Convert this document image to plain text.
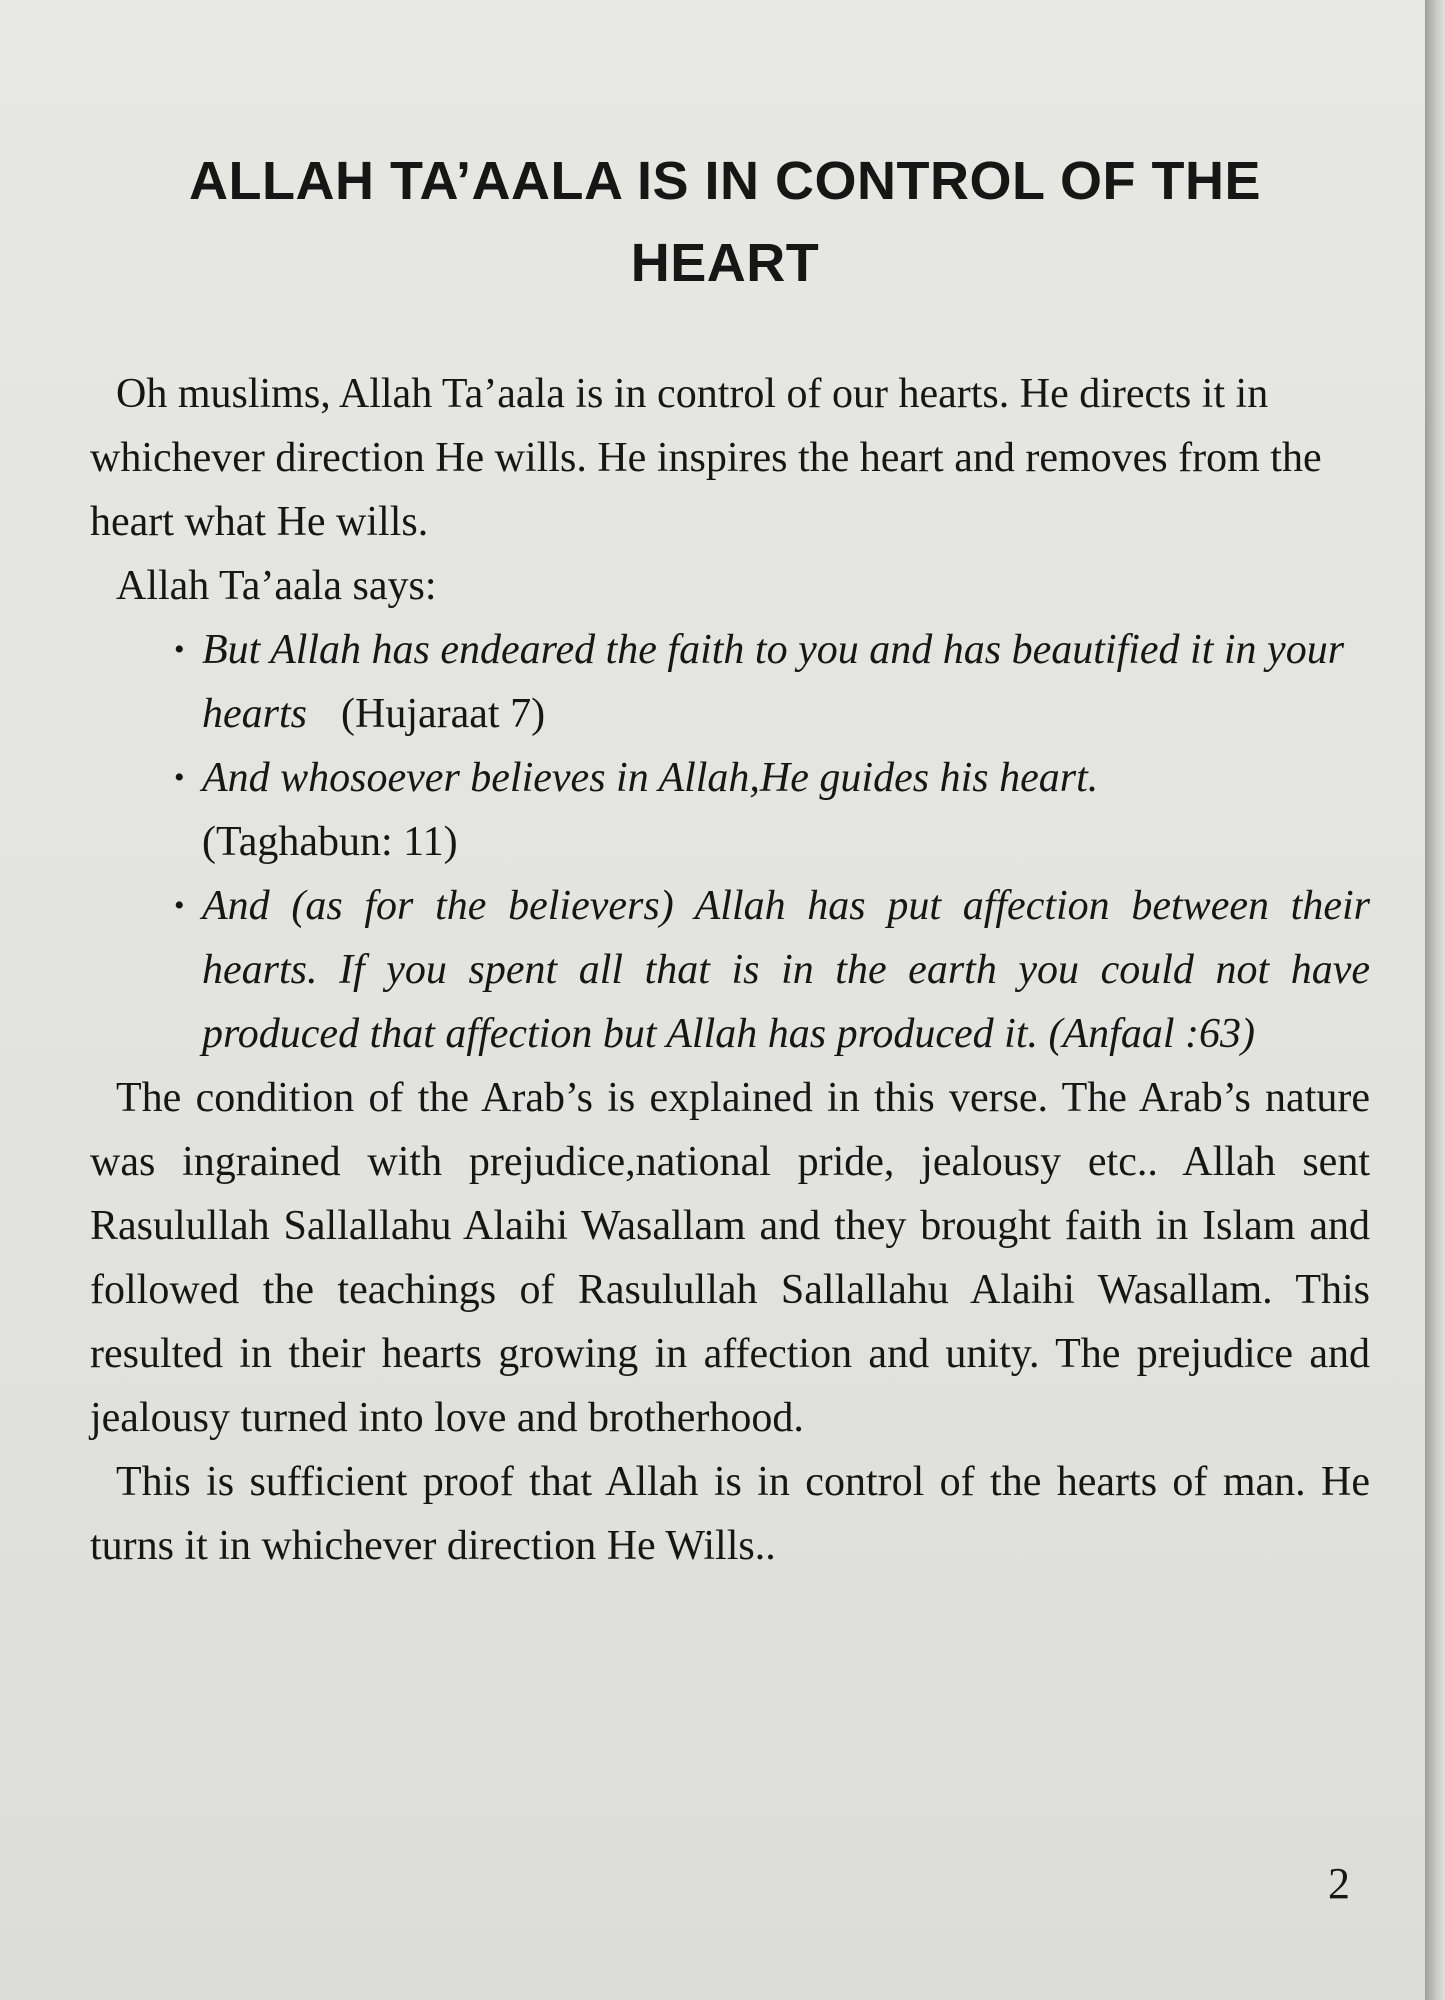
ALLAH TA’AALA IS IN CONTROL OF THE HEART

Oh muslims, Allah Ta’aala is in control of our hearts. He directs it in whichever direction He wills. He inspires the heart and removes from the heart what He wills.

Allah Ta’aala says:

• But Allah has endeared the faith to you and has beautified it in your hearts (Hujaraat 7)

• And whosoever believes in Allah,He guides his heart.
(Taghabun: 11)

• And (as for the believers) Allah has put affection between their hearts. If you spent all that is in the earth you could not have produced that affection but Allah has produced it. (Anfaal :63)

The condition of the Arab’s is explained in this verse. The Arab’s nature was ingrained with prejudice,national pride, jealousy etc.. Allah sent Rasulullah Sallallahu Alaihi Wasallam and they brought faith in Islam and followed the teachings of Rasulullah Sallallahu Alaihi Wasallam. This resulted in their hearts growing in affection and unity. The prejudice and jealousy turned into love and brotherhood.

This is sufficient proof that Allah is in control of the hearts of man. He turns it in whichever direction He Wills..

2
